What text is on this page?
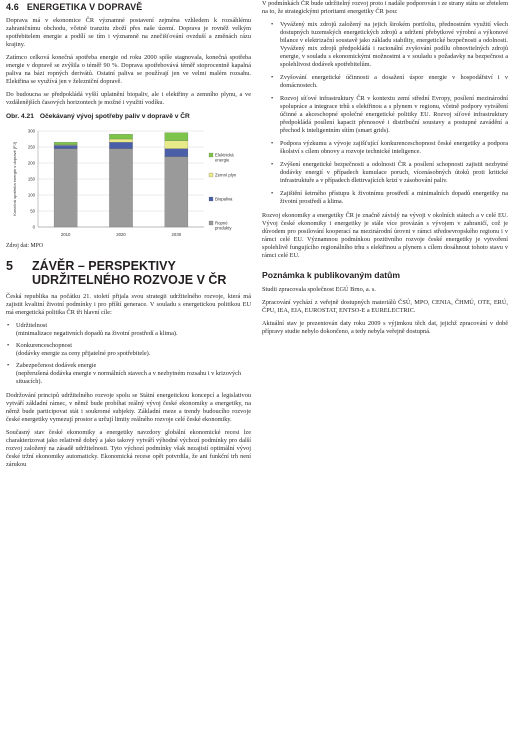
4.6 ENERGETIKA V DOPRAVĚ

Doprava má v ekonomice ČR významné postavení zejména vzhledem k rozsáhlému zahraničnímu obchodu, včetně tranzitu zboží přes naše území. Doprava je rovněž velkým spotřebitelem energie a podílí se tím i významně na znečišťování ovzduší a změnách rázu krajiny.

Zatímco celková konečná spotřeba energie od roku 2000 spíše stagnovala, konečná spotřeba energie v dopravě se zvýšila o téměř 90 %. Doprava spotřebovává téměř stoprocentně kapalná paliva na bázi ropných derivátů. Ostatní paliva se používají jen ve velmi malém rozsahu. Elektřina se využívá jen v železniční dopravě.

Do budoucna se předpokládá vyšší uplatnění biopaliv, ale i elektřiny a zemního plynu, a ve vzdálenějších časových horizontech je možné i využití vodíku.

Obr. 4.21 Očekávaný vývoj spotřeby paliv v dopravě v ČR
0
50
100
150
200
250
300
Konečná spotřeba energie v dopravě [PJ]
2010	2020	2030
Elektrická energie
Zemní plyn
Biopaliva
Ropné produkty
Zdroj dat: MPO
5	ZÁVĚR – PERSPEKTIVY
UDRŽITELNÉHO ROZVOJE V ČR

Česká republika na počátku 21. století přijala svou strategii udržitelného rozvoje, která má zajistit kvalitní životní podmínky i pro příští generace. V souladu s energetickou politikou EU má energetická politika ČR tři hlavní cíle:

• Udržitelnost
(minimalizace negativních dopadů na životní prostředí a klima).
• Konkurenceschopnost
(dodávky energie za ceny přijatelné pro spotřebitele).
• Zabezpečenost dodávek energie
(nepřerušená dodávka energie v normálních stavech a v nezbytném rozsahu i v krizových situacích).

Dodržování principů udržitelného rozvoje spolu se Státní energetickou koncepcí a legislativou vytváří základní rámec, v němž bude probíhat reálný vývoj české ekonomiky a energetiky, na němž bude participovat stát i soukromé subjekty. Základní meze a trendy budoucího rozvoje české energetiky vymezují prostor a určují limity reálného rozvoje celé české ekonomiky.

Současný stav české ekonomiky a energetiky navzdory globální ekonomické recesi lze charakterizovat jako relativně dobrý a jako takový vytváří výhodné výchozí podmínky pro další rozvoj založený na zásadě udržitelnosti. Tyto výchozí podmínky však nezajistí optimální vývoj české tržní ekonomiky automaticky. Ekonomická recese opět potvrdila, že ani funkční trh není zárukou

V podmínkách ČR bude udržitelný rozvoj proto i nadále podporován i ze strany státu se zřetelem na to, že strategickými prioritami energetiky ČR jsou:

• Vyvážený mix zdrojů založený na jejich širokém portfoliu, přednostním využití všech dostupných tuzemských energetických zdrojů a udržení přebytkové výrobní a výkonové bilance v elektrizační soustavě jako základu stability, energetické bezpečnosti a odolnosti. Vyvážený mix zdrojů předpokládá i racionální zvyšování podílu obnovitelných zdrojů energie, v souladu s ekonomickými možnostmi a v souladu s požadavky na bezpečnost a spolehlivost dodávek spotřebitelům.
• Zvyšování energetické účinnosti a dosažení úspor energie v hospodářství i v domácnostech.
• Rozvoj síťové infrastruktury ČR v kontextu zemí střední Evropy, posílení mezinárodní spolupráce a integrace trhů s elektřinou a s plynem v regionu, včetně podpory vytváření účinné a akceschopné společné energetické politiky EU. Rozvoj síťové infrastruktury předpokládá posílení kapacit přenosové i distribuční soustavy a postupné zavádění a přechod k inteligentním sítím (smart grids).
• Podpora výzkumu a vývoje zajišťující konkurenceschopnost české energetiky a podpora školství s cílem obnovy a rozvoje technické inteligence.
• Zvýšení energetické bezpečnosti a odolnosti ČR a posílení schopnosti zajistit nezbytné dodávky energií v případech kumulace poruch, vícenásobných útoků proti kritické infrastruktuře a v případech dlettrvajících krizí v zásobování paliv.
• Zajištění šetrného přístupu k životnímu prostředí a minimalních dopadů energetiky na životní prostředí a klima.

Rozvoj ekonomiky a energetiky ČR je značně závislý na vývoji v okolních státech a v celé EU. Vývoj české ekonomiky i energetiky je stále více provázán s vývojem v zahraničí, což je důvodem pro posilování kooperací na mezinárodní úrovni v rámci středoevropského regionu i v rámci celé EU. Významnou podmínkou pozitivního rozvoje české energetiky je vytvoření spolehlivě fungujícího regionálního trhu s elektřinou a plynem s cílem dosáhnout tohoto stavu v rámci celé EU.

Poznámka k publikovaným datům

Studii zpracovala společnost EGÚ Brno, a. s.

Zpracování vychází z veřejně dostupných materiálů ČSÚ, MPO, CENIA, ČHMÚ, OTE, ERÚ, ČPU, IEA, EIA, EUROSTAT, ENTSO-E a EURELECTRIC.

Aktuální stav je prezentován daty roku 2009 s výjimkou těch dat, jejichž zpracování v době přípravy studie nebylo dokončeno, a tedy nebyla veřejně dostupná.
